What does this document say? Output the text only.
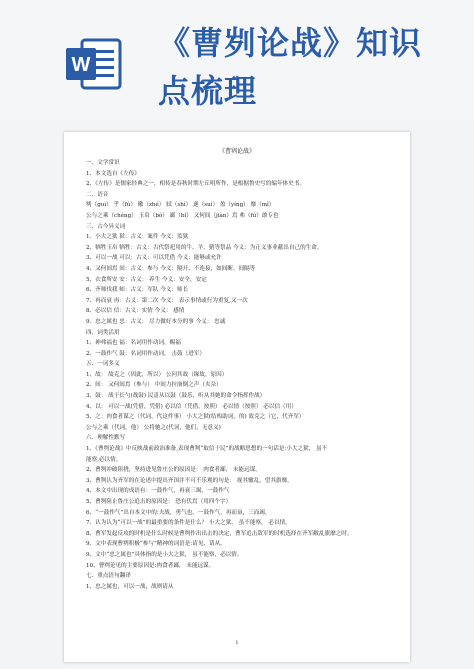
W
《曹刿论战》知识
点梳理
《曹刿论战》
一、文学常识
1、本文选自《左传》
2、《左传》是儒家经典之一，相传是春秋时期左丘明所作，是根据鲁史写的编年体史书。
二、语音
刿（guì） 乎（fú） 徽（zhé） 轼（shì） 遂（suì） 盈（yíng） 靡（mǐ）
公与之乘（chéng） 玉帛（bó） 鄙（bǐ） 又何间（jiàn）焉 弗（fú）敢专也
三、古今异义词
1、小大之狱 狱：古义：案件 今义：监狱
2、牺牲玉帛 牺牲：古义：古代祭祀用的牛、羊、猪等祭品 今义：为正义事业献出自己的生命。
3、可以一战 可以：古义：可以凭借 今义：能够或允许
4、又何间焉 间：古义：参与 今义：隔开、不连接，如间断、间隔等
5、衣食所安 安：古义： 养生 今义：安全，安定
6、齐师伐我 师：古义：军队 今义：师长
7、再而衰 再：古义：第二次 今义： 表示事情或行为重复,又一次
8、必以信 信：古义：实情 今义： 感情
9、忠之属也 忠：古义： 尽力做好本分的事 今义： 忠诚
四、词类活用
1、神弗福也 福：名词用作动词，赐福
2、一鼓作气 鼓：名词用作动词， 击鼓（进军）
五、一词多义
1、故： 故克之（因此，所以） 公问其故（缘故，原因）
2、间： 又何间焉（参与） 中间力拉崩倒之声（夹杂）
3、鼓： 战于长勺(战鼓) 民啬从以鼓（鼓乐，听从其她的命令指挥作战）
4、以： 可以一战(凭借，凭借) 必以信（凭借，按照） 必以情（按照） 必以信（用）
5、之：肉食者谋之（代词，代这件事） 小大之狱(结构助词，的) 故克之（它，代齐军）
公与之乘（代词，他） 公将驰之(代词，他们，无意义)
六、理解性默写
1、《曹刿论战》中反映战前政治准备,表现曹刿“取信于民”的战略思想的一句话是:小大之狱， 虽不
能察,必以情。
2、曹刿冲破阻挠，坚持进见鲁庄公的原因是： 肉食者鄙， 未能远谋。
3、曹刿认为齐军的在论述中提出齐国并不可不乐观的句是： 视其辙乱，望其旗靡。
4、本文中出现的成语有：一鼓作气，再衰三竭、一鼓作气
5、曹刿阻止鲁庄公追击的原因是： 恐有伏焉（用四个字）
6、“一鼓作气”出自本文中的:夫战，勇气也。一鼓作气，再而衰，三而竭。
7、认为认为“可以一战”的最重要的条件是什么？ 小大之狱， 虽不能察， 必以情。
8、曹军发起反攻的时机是什么时候是曹刿作出出击的决定，曹军追击敌军的时机选择在齐军敝乱旗靡之时。
9、文中表现曹刿积极“参与”精神的词语是:请见，请从。
9、文中“忠之属也”具体指的是小大之狱， 虽不能察，必以情。
10、曹刿论见的主要原因是:肉食者鄙， 未能远谋。
七、重点语句翻译
1、忠之属也，可以一战，战则请从
1
